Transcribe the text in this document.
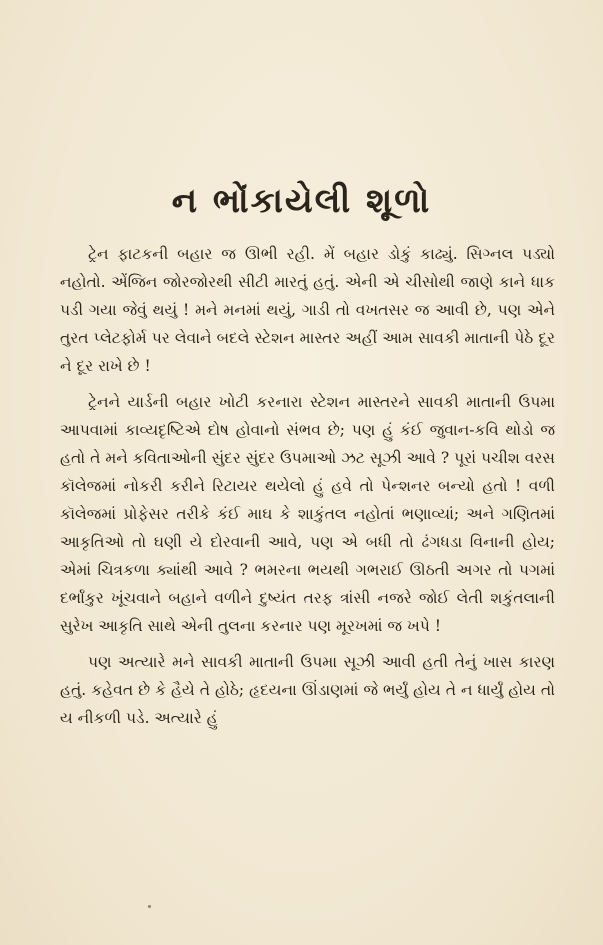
ન ભોંકાયેલી શૂળો

ટ્રેન ફાટકની બહાર જ ઊભી રહી. મેં બહાર ડોકું કાઢ્યું. સિગ્નલ પડ્યો નહોતો. એંજિન જોરજોરથી સીટી મારતું હતું. એની એ ચીસોથી જાણે કાને ધાક પડી ગયા જેવું થયું ! મને મનમાં થયું, ગાડી તો વખતસર જ આવી છે, પણ એને તુરત પ્લેટફોર્મ પર લેવાને બદલે સ્ટેશન માસ્તર અહીં આમ સાવકી માતાની પેઠે દૂર ને દૂર રાખે છે !

ટ્રેનને યાર્ડની બહાર ખોટી કરનારા સ્ટેશન માસ્તરને સાવકી માતાની ઉપમા આપવામાં કાવ્યદૃષ્ટિએ દોષ હોવાનો સંભવ છે; પણ હું કંઈ જુવાન-કવિ થોડો જ હતો તે મને કવિતાઓની સુંદર સુંદર ઉપમાઓ ઝટ સૂઝી આવે ? પૂરાં પચીશ વરસ કૉલેજમાં નોકરી કરીને રિટાયર થયેલો હું હવે તો પેન્શનર બન્યો હતો ! વળી કૉલેજમાં પ્રોફેસર તરીકે કંઈ માઘ કે શાકુંતલ નહોતાં ભણાવ્યાં; અને ગણિતમાં આકૃતિઓ તો ઘણી યે દોરવાની આવે, પણ એ બધી તો ઢંગધડા વિનાની હોય; એમાં ચિત્રકળા ક્યાંથી આવે ? ભમરના ભયથી ગભરાઈ ઊઠતી અગર તો પગમાં દર્ભાંકુર ખૂંચવાને બહાને વળીને દુષ્યંત તરફ ત્રાંસી નજરે જોઈ લેતી શકુંતલાની સુરેખ આકૃતિ સાથે એની તુલના કરનાર પણ મૂરખમાં જ ખપે !

પણ અત્યારે મને સાવકી માતાની ઉપમા સૂઝી આવી હતી તેનું ખાસ કારણ હતું. કહેવત છે કે હૈયે તે હોઠે; હૃદયના ઊંડાણમાં જે ભર્યું હોય તે ન ધાર્યું હોય તો ય નીકળી પડે. અત્યારે હું
